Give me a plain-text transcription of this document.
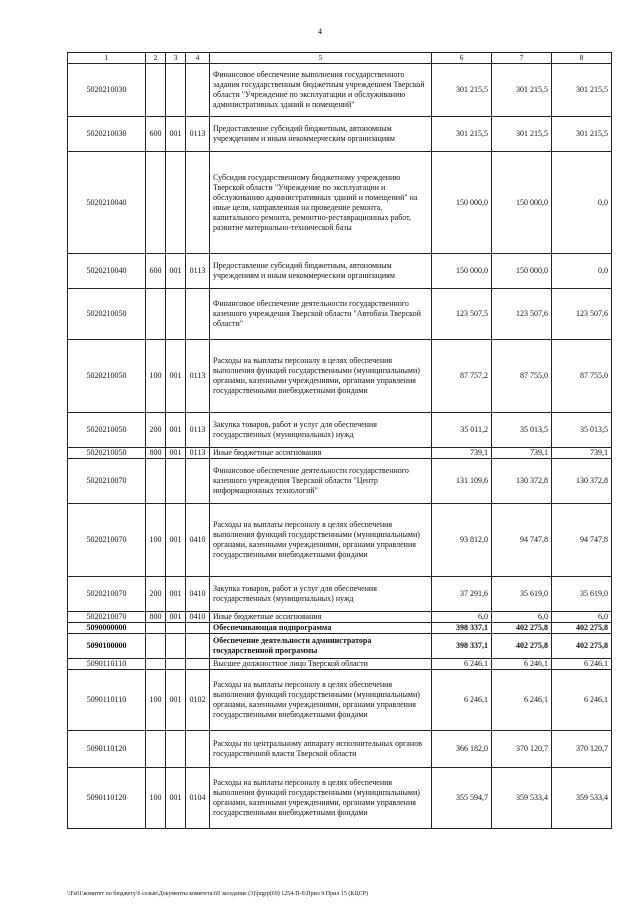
4
1	2	3	4	5	6	7	8
5020210030				Финансовое обеспечение выполнения государственного задания государственным бюджетным учреждением Тверской области "Учреждение по эксплуатации и обслуживанию административных зданий и помещений"	301 215,5	301 215,5	301 215,5
5020210030	600	001	0113	Предоставление субсидий бюджетным, автономным учреждениям и иным некоммерческим организациям	301 215,5	301 215,5	301 215,5
5020210040				Субсидия государственному бюджетному учреждению Тверской области "Учреждение по эксплуатации и обслуживанию административных зданий и помещений" на иные цели, направленная на проведение ремонта, капитального ремонта, ремонтно-реставрационных работ, развитие материально-технической базы	150 000,0	150 000,0	0,0
5020210040	600	001	0113	Предоставление субсидий бюджетным, автономным учреждениям и иным некоммерческим организациям	150 000,0	150 000,0	0,0
5020210050				Финансовое обеспечение деятельности государственного казенного учреждения Тверской области "Автобаза Тверской области"	123 507,5	123 507,6	123 507,6
5020210050	100	001	0113	Расходы на выплаты персоналу в целях обеспечения выполнения функций государственными (муниципальными) органами, казенными учреждениями, органами управления государственными внебюджетными фондами	87 757,2	87 755,0	87 755,0
5020210050	200	001	0113	Закупка товаров, работ и услуг для обеспечения государственных (муниципальных) нужд	35 011,2	35 013,5	35 013,5
5020210050	800	001	0113	Иные бюджетные ассигнования	739,1	739,1	739,1
5020210070				Финансовое обеспечение деятельности государственного казенного учреждения Тверской области "Центр информационных технологий"	131 109,6	130 372,8	130 372,8
5020210070	100	001	0410	Расходы на выплаты персоналу в целях обеспечения выполнения функций государственными (муниципальными) органами, казенными учреждениями, органами управления государственными внебюджетными фондами	93 812,0	94 747,8	94 747,8
5020210070	200	001	0410	Закупка товаров, работ и услуг для обеспечения государственных (муниципальных) нужд	37 291,6	35 619,0	35 619,0
5020210070	800	001	0410	Иные бюджетные ассигнования	6,0	6,0	6,0
5090000000				Обеспечивающая подпрограмма	398 337,1	402 275,8	402 275,8
5090100000				Обеспечение деятельности администратора государственной программы	398 337,1	402 275,8	402 275,8
5090110110				Высшее должностное лицо Тверской области	6 246,1	6 246,1	6 246,1
5090110110	100	001	0102	Расходы на выплаты персоналу в целях обеспечения выполнения функций государственными (муниципальными) органами, казенными учреждениями, органами управления государственными внебюджетными фондами	6 246,1	6 246,1	6 246,1
5090110120				Расходы по центральному аппарату исполнительных органов государственной власти Тверской области	366 182,0	370 120,7	370 120,7
5090110120	100	001	0104	Расходы на выплаты персоналу в целях обеспечения выполнения функций государственными (муниципальными) органами, казенными учреждениями, органами управления государственными внебюджетными фондами	355 594,7	359 533,4	359 533,4
\\Fs01\комитет по бюджету\6 созыв\Документы комитета\69 заседание (3)\prgrp(69) 1254-П-6\Прил 9 Прил 15 (КЦСР)
